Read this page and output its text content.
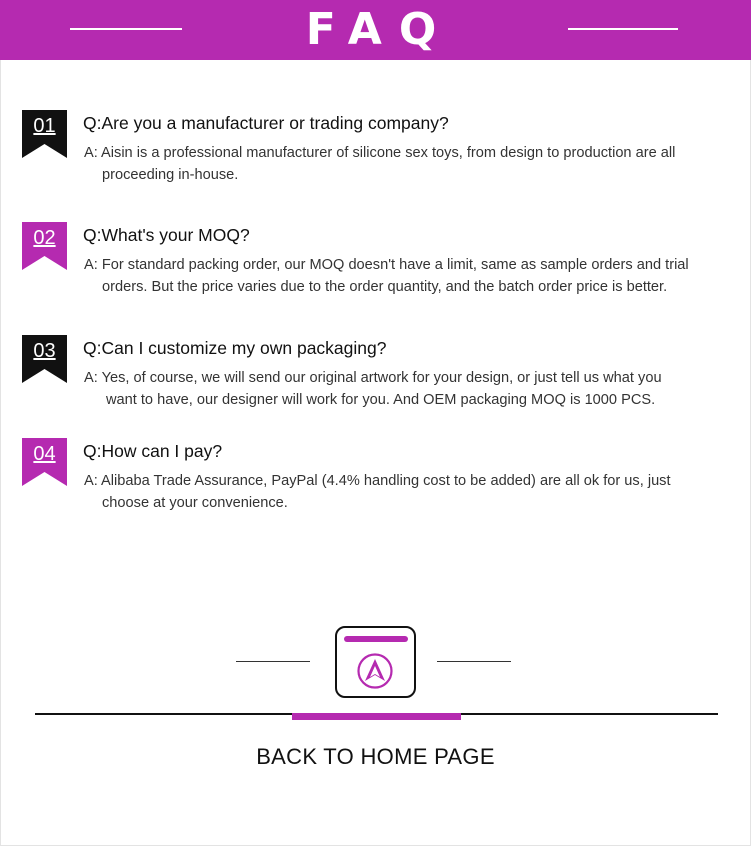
FAQ
01	Q:Are you a manufacturer or trading company?
A: Aisin is a professional manufacturer of silicone sex toys, from design to production are all
proceeding in-house.
02	Q:What's your MOQ?
A: For standard packing order, our MOQ doesn't have a limit, same as sample orders and trial
orders. But the price varies due to the order quantity, and the batch order price is better.
03	Q:Can I customize my own packaging?
A: Yes, of course, we will send our original artwork for your design, or just tell us what you
want to have, our designer will work for you. And OEM packaging MOQ is 1000 PCS.
04	Q:How can I pay?
A: Alibaba Trade Assurance, PayPal (4.4% handling cost to be added) are all ok for us, just
choose at your convenience.
BACK TO HOME PAGE
